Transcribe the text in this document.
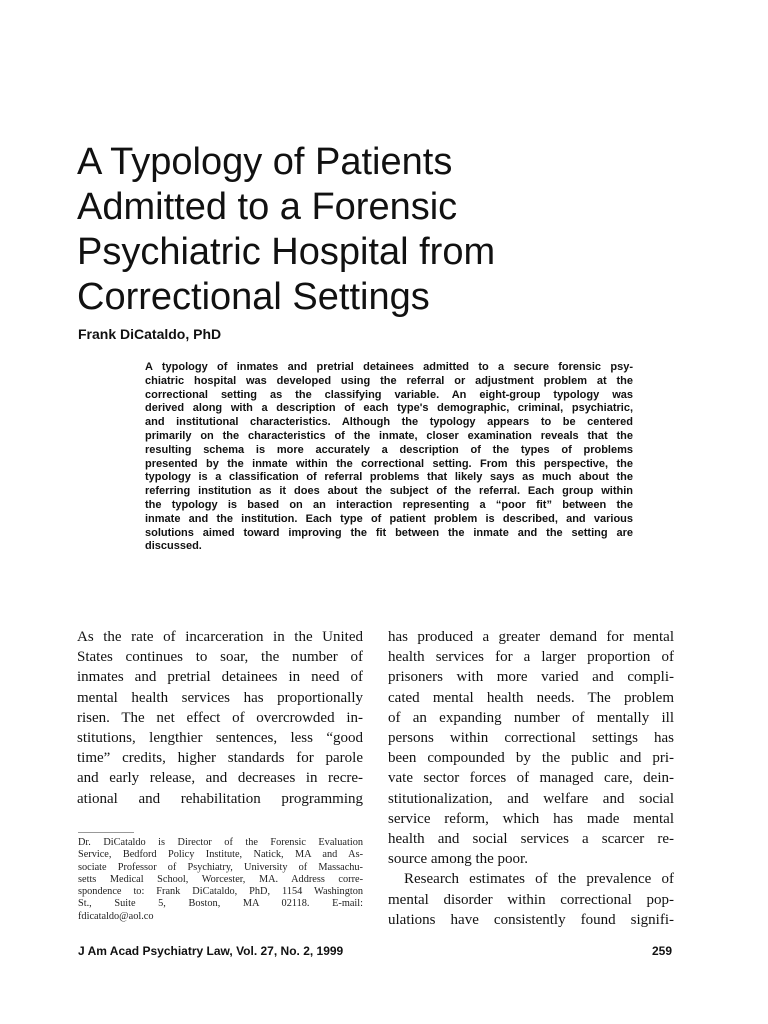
A Typology of Patients
Admitted to a Forensic
Psychiatric Hospital from
Correctional Settings
Frank DiCataldo, PhD
A typology of inmates and pretrial detainees admitted to a secure forensic psy-
chiatric hospital was developed using the referral or adjustment problem at the
correctional setting as the classifying variable. An eight-group typology was
derived along with a description of each type's demographic, criminal, psychiatric,
and institutional characteristics. Although the typology appears to be centered
primarily on the characteristics of the inmate, closer examination reveals that the
resulting schema is more accurately a description of the types of problems
presented by the inmate within the correctional setting. From this perspective, the
typology is a classification of referral problems that likely says as much about the
referring institution as it does about the subject of the referral. Each group within
the typology is based on an interaction representing a “poor fit” between the
inmate and the institution. Each type of patient problem is described, and various
solutions aimed toward improving the fit between the inmate and the setting are
discussed.
As the rate of incarceration in the United
States continues to soar, the number of
inmates and pretrial detainees in need of
mental health services has proportionally
risen. The net effect of overcrowded in-
stitutions, lengthier sentences, less “good
time” credits, higher standards for parole
and early release, and decreases in recre-
ational and rehabilitation programming
has produced a greater demand for mental
health services for a larger proportion of
prisoners with more varied and compli-
cated mental health needs. The problem
of an expanding number of mentally ill
persons within correctional settings has
been compounded by the public and pri-
vate sector forces of managed care, dein-
stitutionalization, and welfare and social
service reform, which has made mental
health and social services a scarcer re-
source among the poor.
Research estimates of the prevalence of
mental disorder within correctional pop-
ulations have consistently found signifi-
Dr. DiCataldo is Director of the Forensic Evaluation
Service, Bedford Policy Institute, Natick, MA and As-
sociate Professor of Psychiatry, University of Massachu-
setts Medical School, Worcester, MA. Address corre-
spondence to: Frank DiCataldo, PhD, 1154 Washington
St., Suite 5, Boston, MA 02118. E-mail:
fdicataldo@aol.co
J Am Acad Psychiatry Law, Vol. 27, No. 2, 1999	259
